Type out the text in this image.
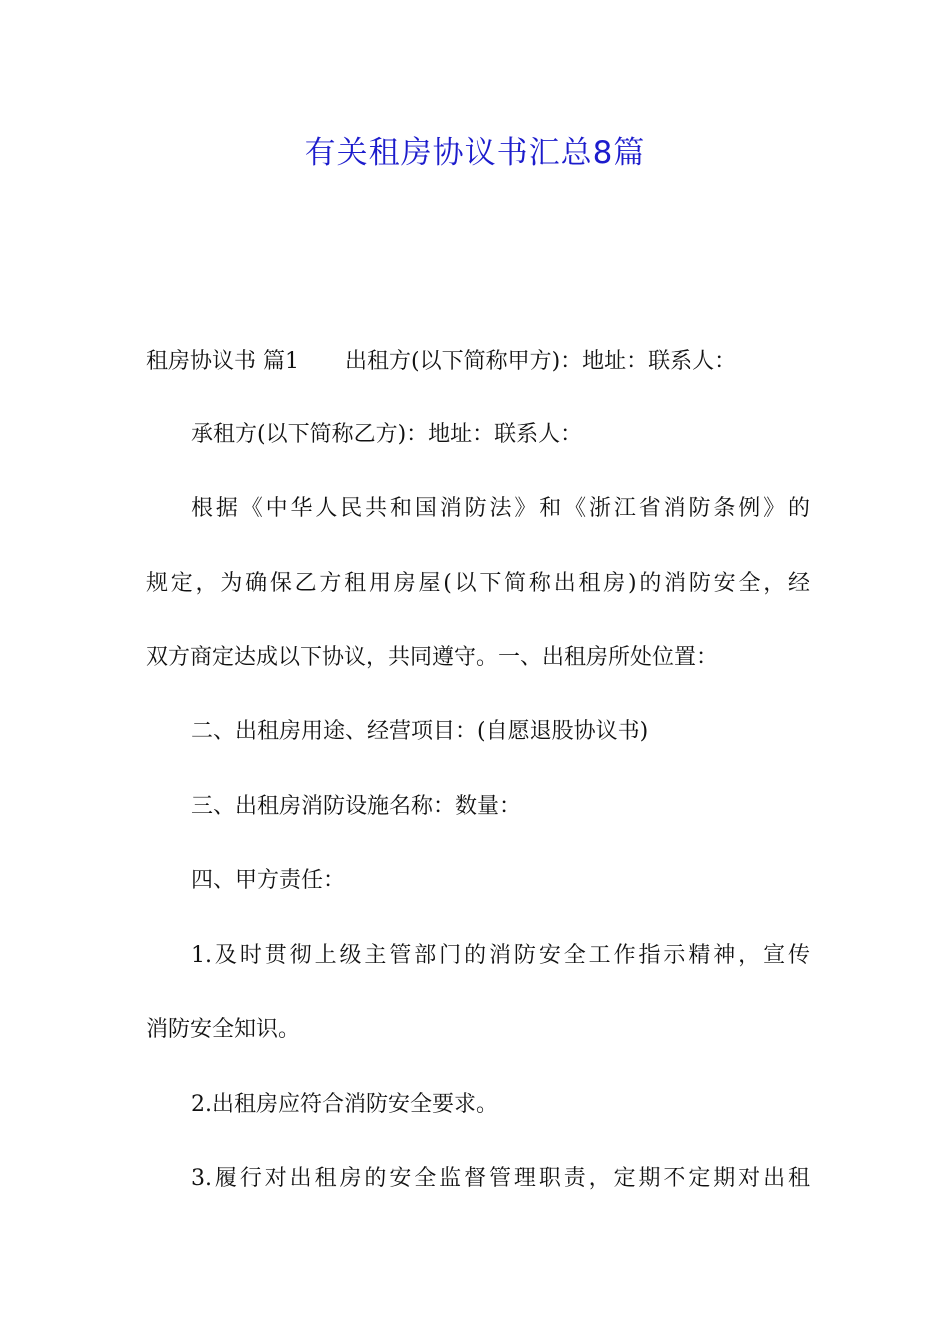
有关租房协议书汇总8篇
租房协议书 篇1 出租方(以下简称甲方)：地址：联系人：
承租方(以下简称乙方)：地址：联系人：
根据《中华人民共和国消防法》和《浙江省消防条例》的
规定，为确保乙方租用房屋(以下简称出租房)的消防安全，经
双方商定达成以下协议，共同遵守。一、出租房所处位置：
二、出租房用途、经营项目：(自愿退股协议书)
三、出租房消防设施名称：数量：
四、甲方责任：
1.及时贯彻上级主管部门的消防安全工作指示精神，宣传
消防安全知识。
2.出租房应符合消防安全要求。
3.履行对出租房的安全监督管理职责，定期不定期对出租
